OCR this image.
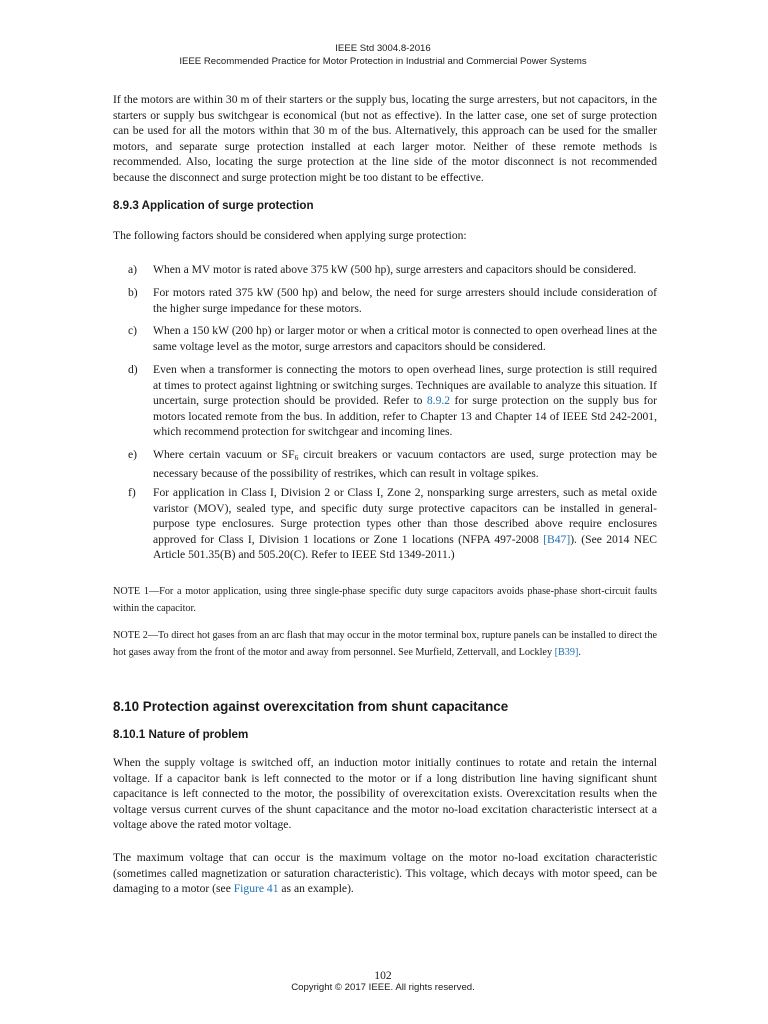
IEEE Std 3004.8-2016
IEEE Recommended Practice for Motor Protection in Industrial and Commercial Power Systems

If the motors are within 30 m of their starters or the supply bus, locating the surge arresters, but not capacitors, in the starters or supply bus switchgear is economical (but not as effective). In the latter case, one set of surge protection can be used for all the motors within that 30 m of the bus. Alternatively, this approach can be used for the smaller motors, and separate surge protection installed at each larger motor. Neither of these remote methods is recommended. Also, locating the surge protection at the line side of the motor disconnect is not recommended because the disconnect and surge protection might be too distant to be effective.

8.9.3 Application of surge protection

The following factors should be considered when applying surge protection:

a) When a MV motor is rated above 375 kW (500 hp), surge arresters and capacitors should be considered.

b) For motors rated 375 kW (500 hp) and below, the need for surge arresters should include consideration of the higher surge impedance for these motors.

c) When a 150 kW (200 hp) or larger motor or when a critical motor is connected to open overhead lines at the same voltage level as the motor, surge arrestors and capacitors should be considered.

d) Even when a transformer is connecting the motors to open overhead lines, surge protection is still required at times to protect against lightning or switching surges. Techniques are available to analyze this situation. If uncertain, surge protection should be provided. Refer to 8.9.2 for surge protection on the supply bus for motors located remote from the bus. In addition, refer to Chapter 13 and Chapter 14 of IEEE Std 242-2001, which recommend protection for switchgear and incoming lines.

e) Where certain vacuum or $SF_6$ circuit breakers or vacuum contactors are used, surge protection may be necessary because of the possibility of restrikes, which can result in voltage spikes.

f) For application in Class I, Division 2 or Class I, Zone 2, nonsparking surge arresters, such as metal oxide varistor (MOV), sealed type, and specific duty surge protective capacitors can be installed in general-purpose type enclosures. Surge protection types other than those described above require enclosures approved for Class I, Division 1 locations or Zone 1 locations (NFPA 497-2008 [B47]). (See 2014 NEC Article 501.35(B) and 505.20(C). Refer to IEEE Std 1349-2011.)

NOTE 1—For a motor application, using three single-phase specific duty surge capacitors avoids phase-phase short-circuit faults within the capacitor.

NOTE 2—To direct hot gases from an arc flash that may occur in the motor terminal box, rupture panels can be installed to direct the hot gases away from the front of the motor and away from personnel. See Murfield, Zettervall, and Lockley [B39].

8.10 Protection against overexcitation from shunt capacitance
8.10.1 Nature of problem

When the supply voltage is switched off, an induction motor initially continues to rotate and retain the internal voltage. If a capacitor bank is left connected to the motor or if a long distribution line having significant shunt capacitance is left connected to the motor, the possibility of overexcitation exists. Overexcitation results when the voltage versus current curves of the shunt capacitance and the motor no-load excitation characteristic intersect at a voltage above the rated motor voltage.

The maximum voltage that can occur is the maximum voltage on the motor no-load excitation characteristic (sometimes called magnetization or saturation characteristic). This voltage, which decays with motor speed, can be damaging to a motor (see Figure 41 as an example).

102
Copyright © 2017 IEEE. All rights reserved.
